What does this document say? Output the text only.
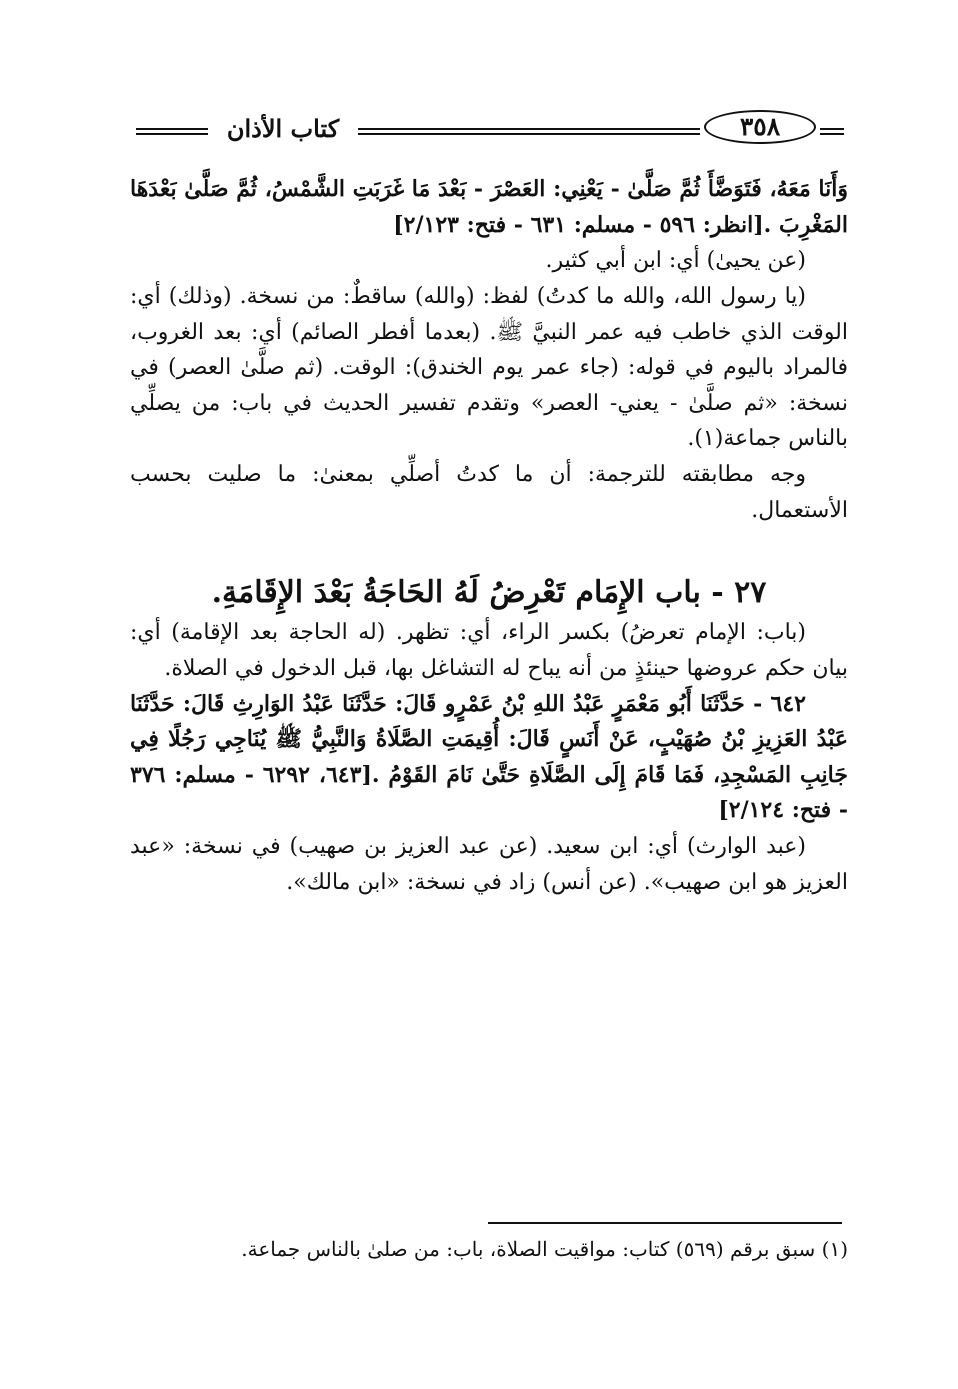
كتاب الأذان	٣٥٨

وَأَنَا مَعَهُ، فَتَوَضَّأَ ثُمَّ صَلَّىٰ - يَعْنِي: العَصْرَ - بَعْدَ مَا غَرَبَتِ الشَّمْسُ، ثُمَّ صَلَّىٰ بَعْدَهَا المَغْرِبَ .[انظر: ٥٩٦ - مسلم: ٦٣١ - فتح: ٢/١٢٣]

(عن يحيىٰ) أي: ابن أبي كثير.

(يا رسول الله، والله ما كدتُ) لفظ: (والله) ساقطٌ: من نسخة. (وذلك) أي: الوقت الذي خاطب فيه عمر النبيَّ ﷺ. (بعدما أفطر الصائم) أي: بعد الغروب، فالمراد باليوم في قوله: (جاء عمر يوم الخندق): الوقت. (ثم صلَّىٰ العصر) في نسخة: «ثم صلَّىٰ - يعني- العصر» وتقدم تفسير الحديث في باب: من يصلِّي بالناس جماعة(١).

وجه مطابقته للترجمة: أن ما كدتُ أصلِّي بمعنىٰ: ما صليت بحسب الأستعمال.

٢٧ - باب الإِمَام تَعْرِضُ لَهُ الحَاجَةُ بَعْدَ الإِقَامَةِ.

(باب: الإمام تعرضُ) بكسر الراء، أي: تظهر. (له الحاجة بعد الإقامة) أي: بيان حكم عروضها حينئذٍ من أنه يباح له التشاغل بها، قبل الدخول في الصلاة.

٦٤٢ - حَدَّثَنَا أَبُو مَعْمَرٍ عَبْدُ اللهِ بْنُ عَمْرٍو قَالَ: حَدَّثَنَا عَبْدُ الوَارِثِ قَالَ: حَدَّثَنَا عَبْدُ العَزِيزِ بْنُ صُهَيْبٍ، عَنْ أَنَسٍ قَالَ: أُقِيمَتِ الصَّلَاةُ وَالنَّبِيُّ ﷺ يُنَاجِي رَجُلًا فِي جَانِبِ المَسْجِدِ، فَمَا قَامَ إِلَى الصَّلَاةِ حَتَّىٰ نَامَ القَوْمُ .[٦٤٣، ٦٢٩٢ - مسلم: ٣٧٦ - فتح: ٢/١٢٤]

(عبد الوارث) أي: ابن سعيد. (عن عبد العزيز بن صهيب) في نسخة: «عبد العزيز هو ابن صهيب». (عن أنس) زاد في نسخة: «ابن مالك».

(١) سبق برقم (٥٦٩) كتاب: مواقيت الصلاة، باب: من صلىٰ بالناس جماعة.
